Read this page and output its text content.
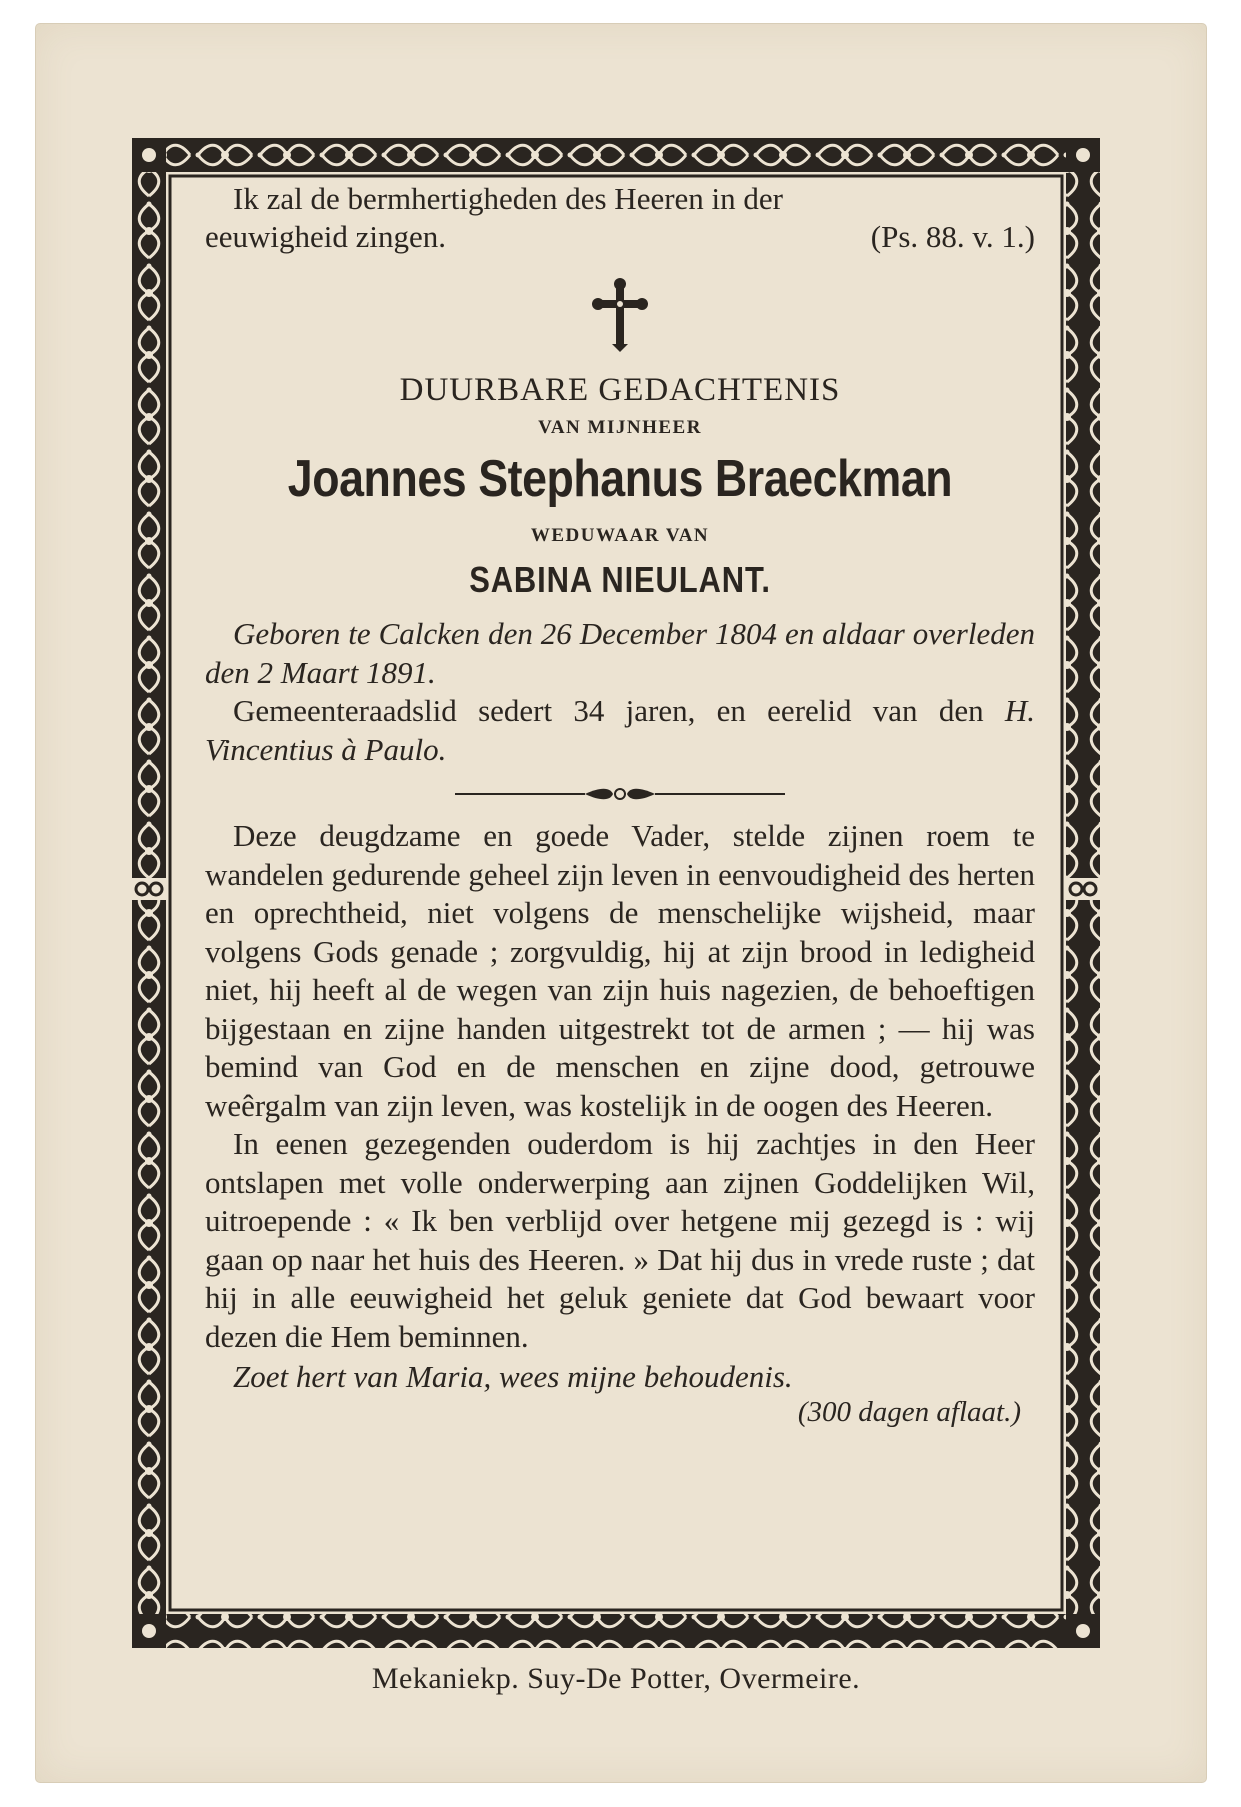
Ik zal de bermhertigheden des Heeren in der

eeuwigheid zingen.	(Ps. 88. v. 1.)

DUURBARE GEDACHTENIS
VAN MIJNHEER
Joannes Stephanus Braeckman
WEDUWAAR VAN
SABINA NIEULANT.

Geboren te Calcken den 26 December 1804 en aldaar overleden den 2 Maart 1891.

Gemeenteraadslid sedert 34 jaren, en eerelid van den H. Vincentius à Paulo.

Deze deugdzame en goede Vader, stelde zijnen roem te wandelen gedurende geheel zijn leven in eenvoudigheid des herten en oprechtheid, niet volgens de menschelijke wijsheid, maar volgens Gods genade ; zorgvuldig, hij at zijn brood in ledigheid niet, hij heeft al de wegen van zijn huis nagezien, de behoeftigen bijgestaan en zijne handen uitgestrekt tot de armen ; — hij was bemind van God en de menschen en zijne dood, getrouwe weêrgalm van zijn leven, was kostelijk in de oogen des Heeren.

In eenen gezegenden ouderdom is hij zachtjes in den Heer ontslapen met volle onderwerping aan zijnen Goddelijken Wil, uitroepende : « Ik ben verblijd over hetgene mij gezegd is : wij gaan op naar het huis des Heeren. » Dat hij dus in vrede ruste ; dat hij in alle eeuwigheid het geluk geniete dat God bewaart voor dezen die Hem beminnen.

Zoet hert van Maria, wees mijne behoudenis.

(300 dagen aflaat.)

Mekaniekp. Suy-De Potter, Overmeire.
